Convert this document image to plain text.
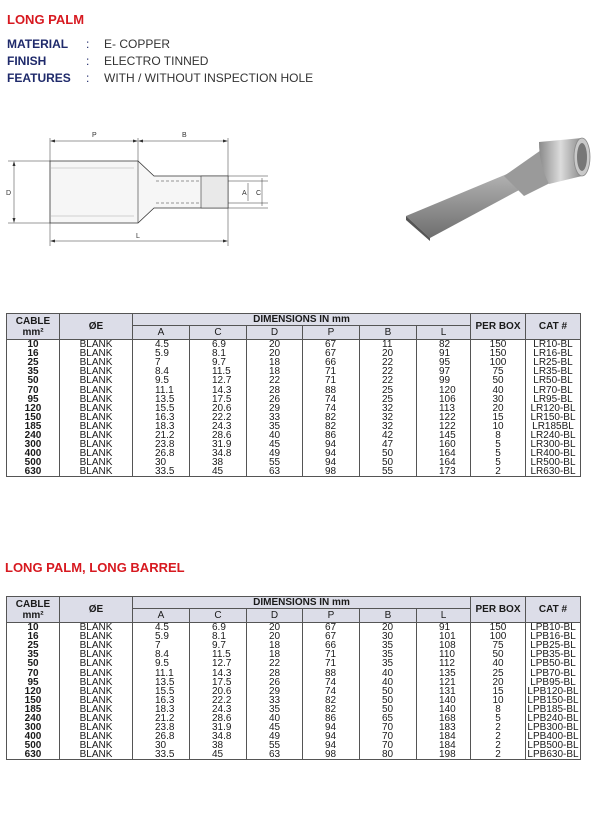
LONG PALM
MATERIAL	:	E- COPPER
FINISH	:	ELECTRO TINNED
FEATURES	:	WITH / WITHOUT INSPECTION HOLE
P	B
D	A C
L
CABLE
mm²	ØE	DIMENSIONS IN mm						PER BOX	CAT #
		A	C	D	P	B	L		
10	BLANK	4.5	6.9	20	67	11	82	150	LR10-BL
16	BLANK	5.9	8.1	20	67	20	91	150	LR16-BL
25	BLANK	7	9.7	18	66	22	95	100	LR25-BL
35	BLANK	8.4	11.5	18	71	22	97	75	LR35-BL
50	BLANK	9.5	12.7	22	71	22	99	50	LR50-BL
70	BLANK	11.1	14.3	28	88	25	120	40	LR70-BL
95	BLANK	13.5	17.5	26	74	25	106	30	LR95-BL
120	BLANK	15.5	20.6	29	74	32	113	20	LR120-BL
150	BLANK	16.3	22.2	33	82	32	122	15	LR150-BL
185	BLANK	18.3	24.3	35	82	32	122	10	LR185BL
240	BLANK	21.2	28.6	40	86	42	145	8	LR240-BL
300	BLANK	23.8	31.9	45	94	47	160	5	LR300-BL
400	BLANK	26.8	34.8	49	94	50	164	5	LR400-BL
500	BLANK	30	38	55	94	50	164	5	LR500-BL
630	BLANK	33.5	45	63	98	55	173	2	LR630-BL
LONG PALM, LONG BARREL
CABLE
mm²	ØE	DIMENSIONS IN mm						PER BOX	CAT #
		A	C	D	P	B	L		
10	BLANK	4.5	6.9	20	67	20	91	150	LPB10-BL
16	BLANK	5.9	8.1	20	67	30	101	100	LPB16-BL
25	BLANK	7	9.7	18	66	35	108	75	LPB25-BL
35	BLANK	8.4	11.5	18	71	35	110	50	LPB35-BL
50	BLANK	9.5	12.7	22	71	35	112	40	LPB50-BL
70	BLANK	11.1	14.3	28	88	40	135	25	LPB70-BL
95	BLANK	13.5	17.5	26	74	40	121	20	LPB95-BL
120	BLANK	15.5	20.6	29	74	50	131	15	LPB120-BL
150	BLANK	16.3	22.2	33	82	50	140	10	LPB150-BL
185	BLANK	18.3	24.3	35	82	50	140	8	LPB185-BL
240	BLANK	21.2	28.6	40	86	65	168	5	LPB240-BL
300	BLANK	23.8	31.9	45	94	70	183	2	LPB300-BL
400	BLANK	26.8	34.8	49	94	70	184	2	LPB400-BL
500	BLANK	30	38	55	94	70	184	2	LPB500-BL
630	BLANK	33.5	45	63	98	80	198	2	LPB630-BL
